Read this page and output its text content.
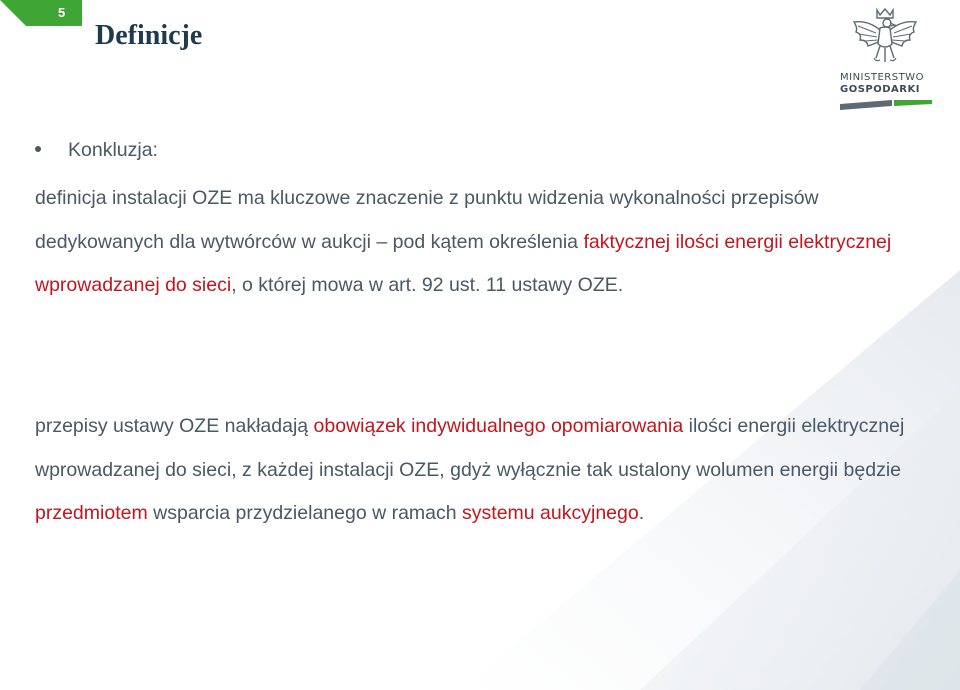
5
Definicje
MINISTERSTWO
GOSPODARKI
Konkluzja:

definicja instalacji OZE ma kluczowe znaczenie z punktu widzenia wykonalności przepisów dedykowanych dla wytwórców w aukcji – pod kątem określenia faktycznej ilości energii elektrycznej wprowadzanej do sieci, o której mowa w art. 92 ust. 11 ustawy OZE.

przepisy ustawy OZE nakładają obowiązek indywidualnego opomiarowania ilości energii elektrycznej wprowadzanej do sieci, z każdej instalacji OZE, gdyż wyłącznie tak ustalony wolumen energii będzie przedmiotem wsparcia przydzielanego w ramach systemu aukcyjnego.
